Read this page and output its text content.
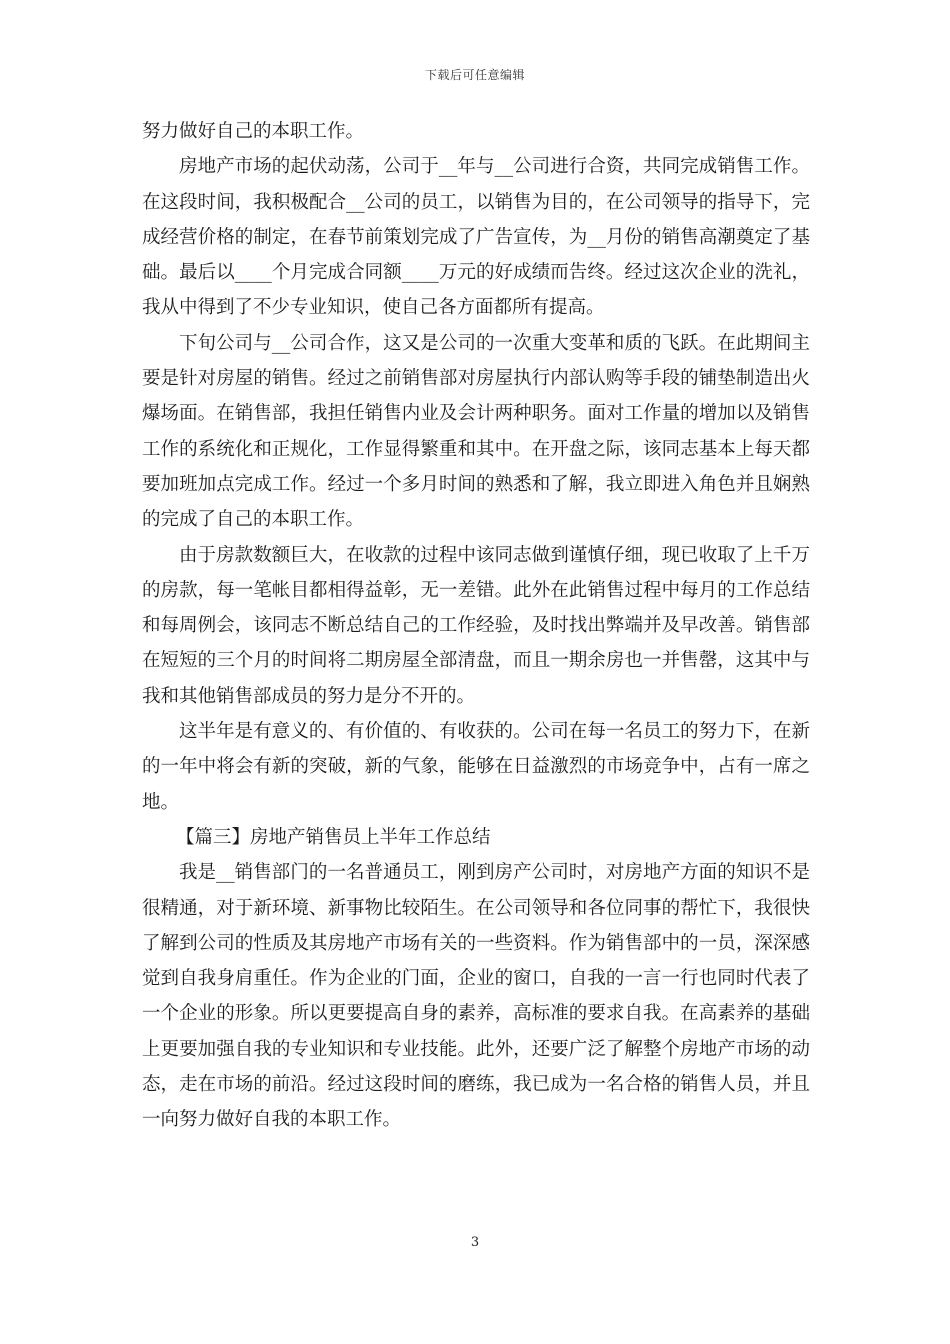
下载后可任意编辑

努力做好自己的本职工作。

房地产市场的起伏动荡，公司于__年与__公司进行合资，共同完成销售工作。在这段时间，我积极配合__公司的员工，以销售为目的，在公司领导的指导下，完成经营价格的制定，在春节前策划完成了广告宣传，为__月份的销售高潮奠定了基础。最后以____个月完成合同额____万元的好成绩而告终。经过这次企业的洗礼，我从中得到了不少专业知识，使自己各方面都所有提高。

下旬公司与__公司合作，这又是公司的一次重大变革和质的飞跃。在此期间主要是针对房屋的销售。经过之前销售部对房屋执行内部认购等手段的铺垫制造出火爆场面。在销售部，我担任销售内业及会计两种职务。面对工作量的增加以及销售工作的系统化和正规化，工作显得繁重和其中。在开盘之际，该同志基本上每天都要加班加点完成工作。经过一个多月时间的熟悉和了解，我立即进入角色并且娴熟的完成了自己的本职工作。

由于房款数额巨大，在收款的过程中该同志做到谨慎仔细，现已收取了上千万的房款，每一笔帐目都相得益彰，无一差错。此外在此销售过程中每月的工作总结和每周例会，该同志不断总结自己的工作经验，及时找出弊端并及早改善。销售部在短短的三个月的时间将二期房屋全部清盘，而且一期余房也一并售罄，这其中与我和其他销售部成员的努力是分不开的。

这半年是有意义的、有价值的、有收获的。公司在每一名员工的努力下，在新的一年中将会有新的突破，新的气象，能够在日益激烈的市场竞争中，占有一席之地。

【篇三】房地产销售员上半年工作总结

我是__销售部门的一名普通员工，刚到房产公司时，对房地产方面的知识不是很精通，对于新环境、新事物比较陌生。在公司领导和各位同事的帮忙下，我很快了解到公司的性质及其房地产市场有关的一些资料。作为销售部中的一员，深深感觉到自我身肩重任。作为企业的门面，企业的窗口，自我的一言一行也同时代表了一个企业的形象。所以更要提高自身的素养，高标准的要求自我。在高素养的基础上更要加强自我的专业知识和专业技能。此外，还要广泛了解整个房地产市场的动态，走在市场的前沿。经过这段时间的磨练，我已成为一名合格的销售人员，并且一向努力做好自我的本职工作。

3
